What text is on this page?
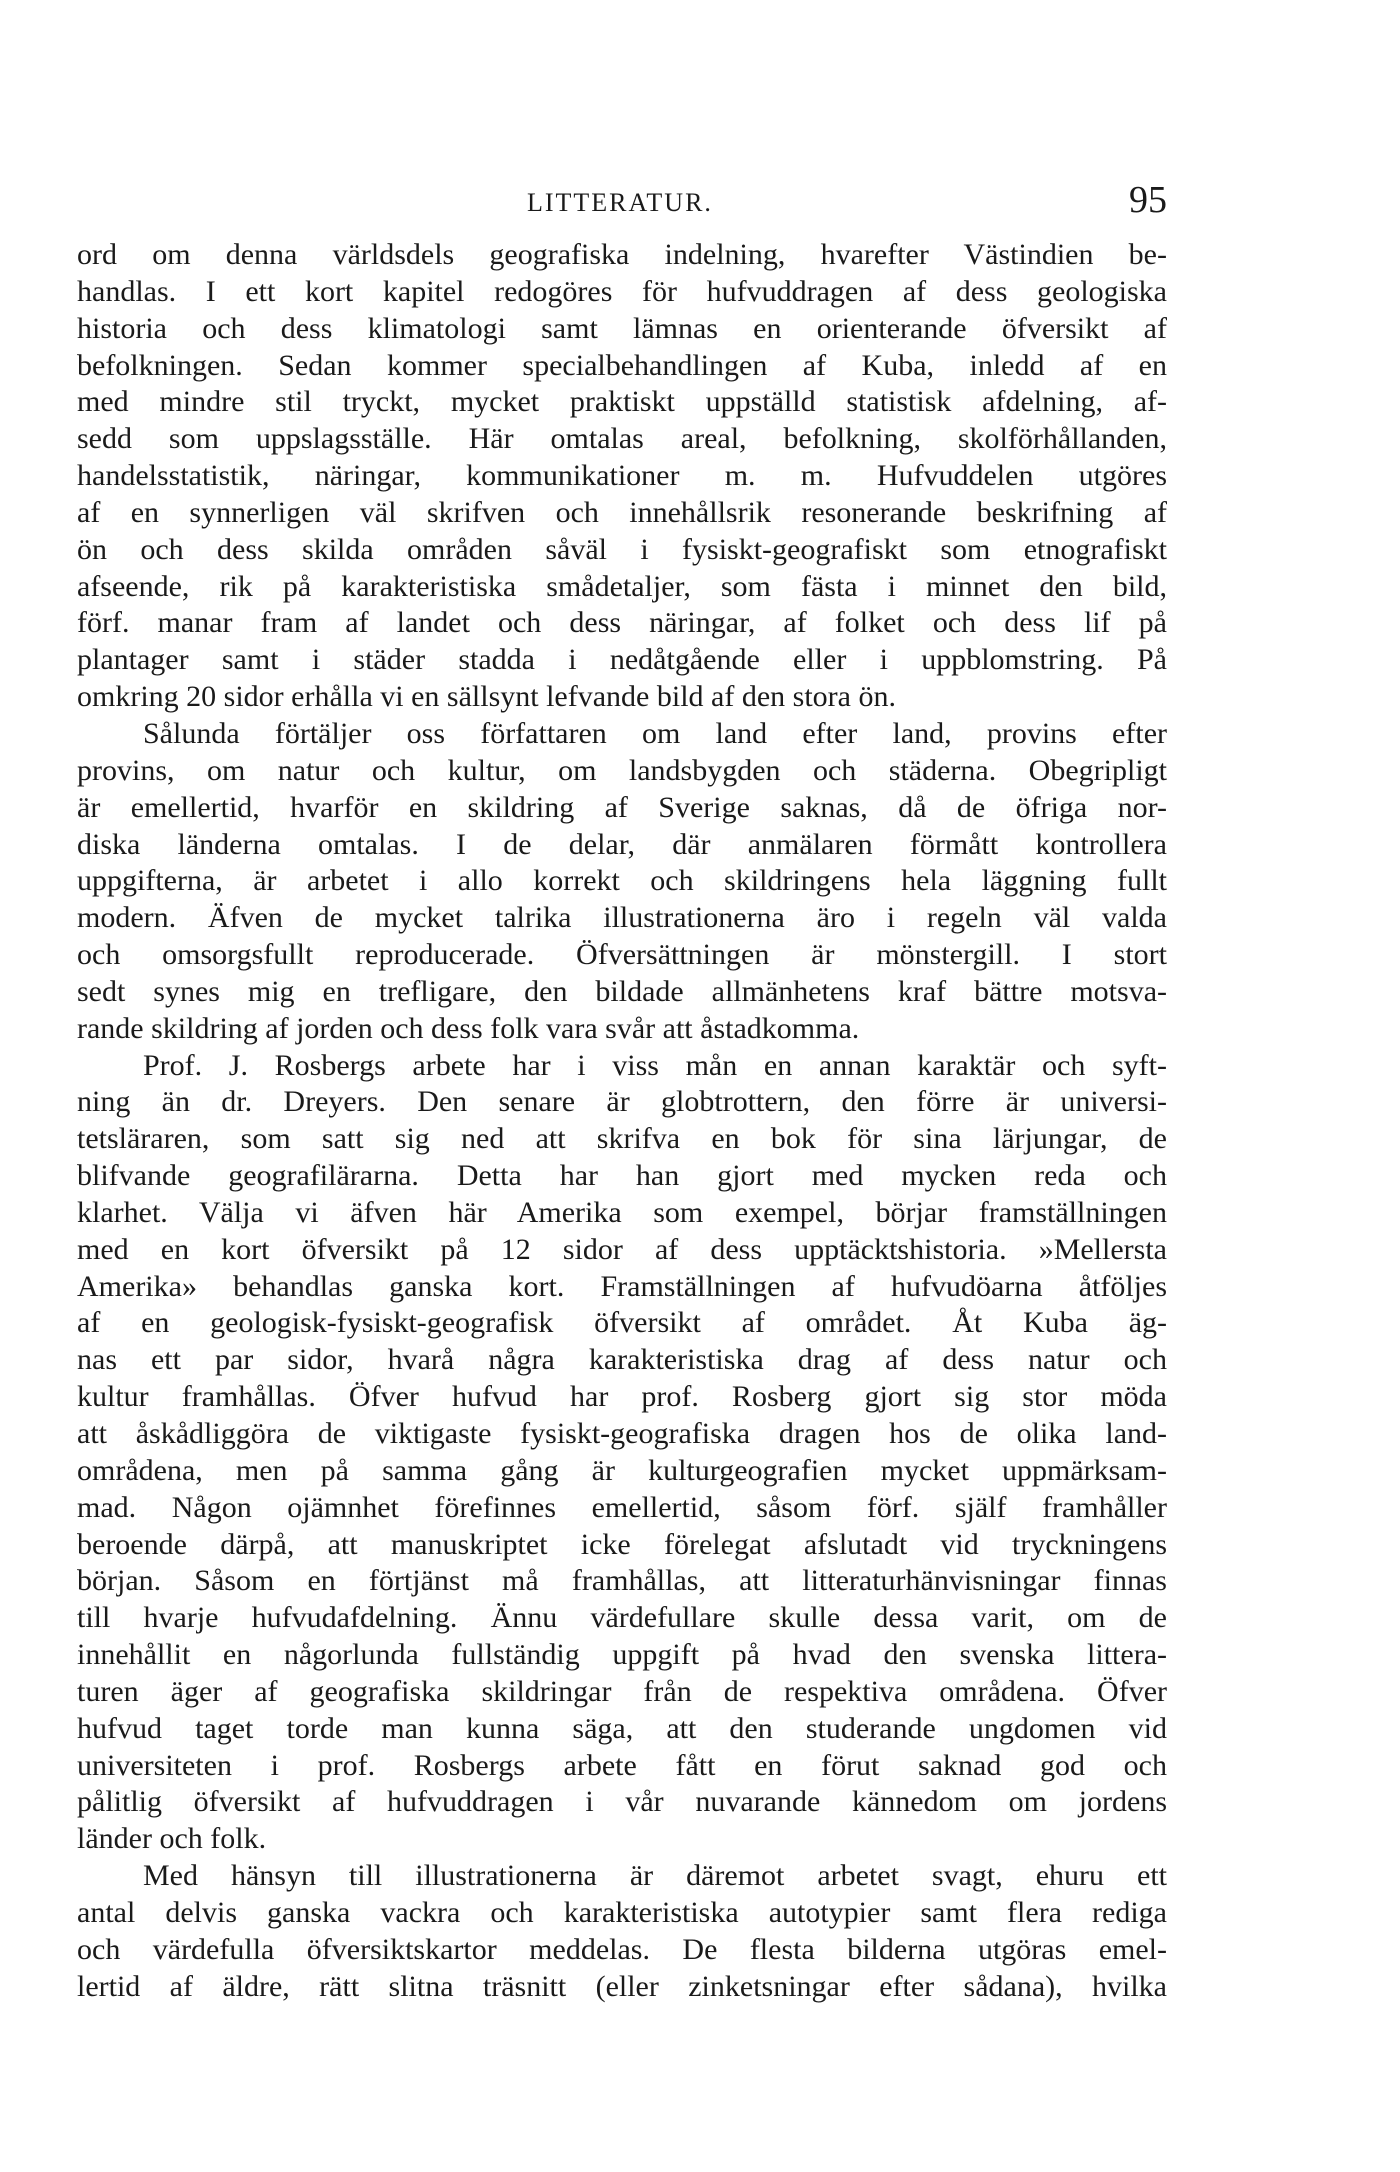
LITTERATUR.	95
ord om denna världsdels geografiska indelning, hvarefter Västindien be-
handlas. I ett kort kapitel redogöres för hufvuddragen af dess geologiska
historia och dess klimatologi samt lämnas en orienterande öfversikt af
befolkningen. Sedan kommer specialbehandlingen af Kuba, inledd af en
med mindre stil tryckt, mycket praktiskt uppställd statistisk afdelning, af-
sedd som uppslagsställe. Här omtalas areal, befolkning, skolförhållanden,
handelsstatistik, näringar, kommunikationer m. m. Hufvuddelen utgöres
af en synnerligen väl skrifven och innehållsrik resonerande beskrifning af
ön och dess skilda områden såväl i fysiskt-geografiskt som etnografiskt
afseende, rik på karakteristiska smådetaljer, som fästa i minnet den bild,
förf. manar fram af landet och dess näringar, af folket och dess lif på
plantager samt i städer stadda i nedåtgående eller i uppblomstring. På
omkring 20 sidor erhålla vi en sällsynt lefvande bild af den stora ön.
Sålunda förtäljer oss författaren om land efter land, provins efter
provins, om natur och kultur, om landsbygden och städerna. Obegripligt
är emellertid, hvarför en skildring af Sverige saknas, då de öfriga nor-
diska länderna omtalas. I de delar, där anmälaren förmått kontrollera
uppgifterna, är arbetet i allo korrekt och skildringens hela läggning fullt
modern. Äfven de mycket talrika illustrationerna äro i regeln väl valda
och omsorgsfullt reproducerade. Öfversättningen är mönstergill. I stort
sedt synes mig en trefligare, den bildade allmänhetens kraf bättre motsva-
rande skildring af jorden och dess folk vara svår att åstadkomma.
Prof. J. Rosbergs arbete har i viss mån en annan karaktär och syft-
ning än dr. Dreyers. Den senare är globtrottern, den förre är universi-
tetsläraren, som satt sig ned att skrifva en bok för sina lärjungar, de
blifvande geografilärarna. Detta har han gjort med mycken reda och
klarhet. Välja vi äfven här Amerika som exempel, börjar framställningen
med en kort öfversikt på 12 sidor af dess upptäcktshistoria. »Mellersta
Amerika» behandlas ganska kort. Framställningen af hufvudöarna åtföljes
af en geologisk-fysiskt-geografisk öfversikt af området. Åt Kuba äg-
nas ett par sidor, hvarå några karakteristiska drag af dess natur och
kultur framhållas. Öfver hufvud har prof. Rosberg gjort sig stor möda
att åskådliggöra de viktigaste fysiskt-geografiska dragen hos de olika land-
områdena, men på samma gång är kulturgeografien mycket uppmärksam-
mad. Någon ojämnhet förefinnes emellertid, såsom förf. själf framhåller
beroende därpå, att manuskriptet icke förelegat afslutadt vid tryckningens
början. Såsom en förtjänst må framhållas, att litteraturhänvisningar finnas
till hvarje hufvudafdelning. Ännu värdefullare skulle dessa varit, om de
innehållit en någorlunda fullständig uppgift på hvad den svenska littera-
turen äger af geografiska skildringar från de respektiva områdena. Öfver
hufvud taget torde man kunna säga, att den studerande ungdomen vid
universiteten i prof. Rosbergs arbete fått en förut saknad god och
pålitlig öfversikt af hufvuddragen i vår nuvarande kännedom om jordens
länder och folk.
Med hänsyn till illustrationerna är däremot arbetet svagt, ehuru ett
antal delvis ganska vackra och karakteristiska autotypier samt flera rediga
och värdefulla öfversiktskartor meddelas. De flesta bilderna utgöras emel-
lertid af äldre, rätt slitna träsnitt (eller zinketsningar efter sådana), hvilka
